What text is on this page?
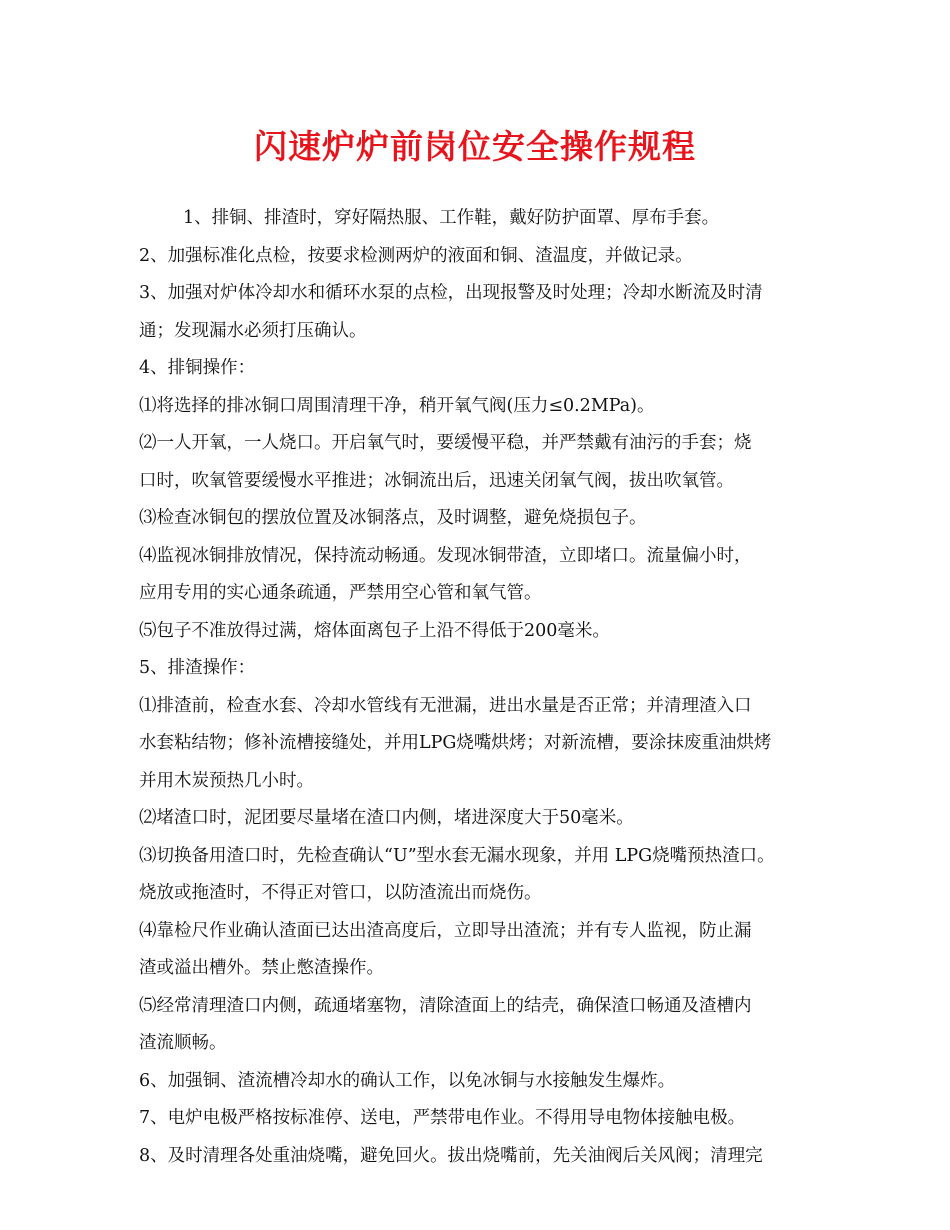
闪速炉炉前岗位安全操作规程
1、排铜、排渣时，穿好隔热服、工作鞋，戴好防护面罩、厚布手套。
2、加强标准化点检，按要求检测两炉的液面和铜、渣温度，并做记录。
3、加强对炉体冷却水和循环水泵的点检，出现报警及时处理；冷却水断流及时清
通；发现漏水必须打压确认。
4、排铜操作：
⑴将选择的排冰铜口周围清理干净，稍开氧气阀(压力≤0.2MPa)。
⑵一人开氧，一人烧口。开启氧气时，要缓慢平稳，并严禁戴有油污的手套；烧
口时，吹氧管要缓慢水平推进；冰铜流出后，迅速关闭氧气阀，拔出吹氧管。
⑶检查冰铜包的摆放位置及冰铜落点，及时调整，避免烧损包子。
⑷监视冰铜排放情况，保持流动畅通。发现冰铜带渣，立即堵口。流量偏小时，
应用专用的实心通条疏通，严禁用空心管和氧气管。
⑸包子不准放得过满，熔体面离包子上沿不得低于200毫米。
5、排渣操作：
⑴排渣前，检查水套、冷却水管线有无泄漏，进出水量是否正常；并清理渣入口
水套粘结物；修补流槽接缝处，并用LPG烧嘴烘烤；对新流槽，要涂抹废重油烘烤
并用木炭预热几小时。
⑵堵渣口时，泥团要尽量堵在渣口内侧，堵进深度大于50毫米。
⑶切换备用渣口时，先检查确认“U”型水套无漏水现象，并用 LPG烧嘴预热渣口。
烧放或拖渣时，不得正对管口，以防渣流出而烧伤。
⑷靠检尺作业确认渣面已达出渣高度后，立即导出渣流；并有专人监视，防止漏
渣或溢出槽外。禁止憋渣操作。
⑸经常清理渣口内侧，疏通堵塞物，清除渣面上的结壳，确保渣口畅通及渣槽内
渣流顺畅。
6、加强铜、渣流槽冷却水的确认工作，以免冰铜与水接触发生爆炸。
7、电炉电极严格按标准停、送电，严禁带电作业。不得用导电物体接触电极。
8、及时清理各处重油烧嘴，避免回火。拔出烧嘴前，先关油阀后关风阀；清理完
